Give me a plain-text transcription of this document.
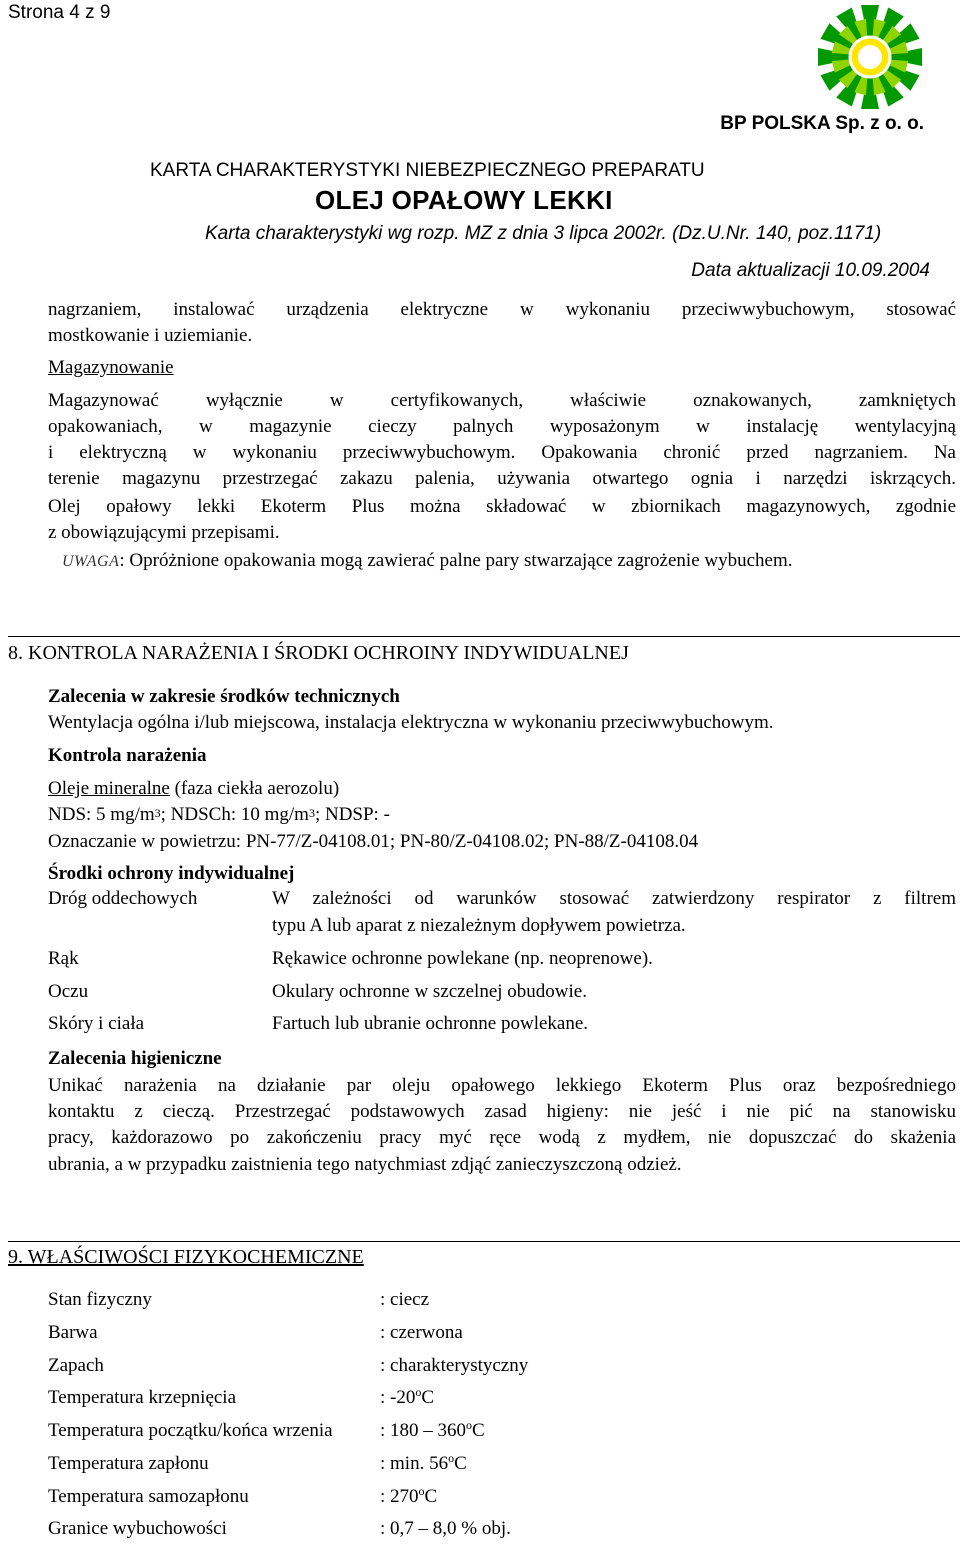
Strona 4 z 9
BP POLSKA Sp. z o. o.
KARTA CHARAKTERYSTYKI NIEBEZPIECZNEGO PREPARATU
OLEJ OPAŁOWY LEKKI
Karta charakterystyki wg rozp. MZ z dnia 3 lipca 2002r. (Dz.U.Nr. 140, poz.1171)
Data aktualizacji 10.09.2004
nagrzaniem, instalować urządzenia elektryczne w wykonaniu przeciwwybuchowym, stosować
mostkowanie i uziemianie.
Magazynowanie
Magazynować wyłącznie w certyfikowanych, właściwie oznakowanych, zamkniętych
opakowaniach, w magazynie cieczy palnych wyposażonym w instalację wentylacyjną
i elektryczną w wykonaniu przeciwwybuchowym. Opakowania chronić przed nagrzaniem. Na
terenie magazynu przestrzegać zakazu palenia, używania otwartego ognia i narzędzi iskrzących.
Olej opałowy lekki Ekoterm Plus można składować w zbiornikach magazynowych, zgodnie
z obowiązującymi przepisami.
UWAGA: Opróżnione opakowania mogą zawierać palne pary stwarzające zagrożenie wybuchem.
8. KONTROLA NARAŻENIA I ŚRODKI OCHROINY INDYWIDUALNEJ
Zalecenia w zakresie środków technicznych
Wentylacja ogólna i/lub miejscowa, instalacja elektryczna w wykonaniu przeciwwybuchowym.
Kontrola narażenia
Oleje mineralne (faza ciekła aerozolu)
NDS: 5 $mg/m^3$; NDSCh: 10 $mg/m^3$; NDSP: -
Oznaczanie w powietrzu: PN-77/Z-04108.01; PN-80/Z-04108.02; PN-88/Z-04108.04
Środki ochrony indywidualnej
Dróg oddechowych	W zależności od warunków stosować zatwierdzony respirator z filtrem
typu A lub aparat z niezależnym dopływem powietrza.
Rąk	Rękawice ochronne powlekane (np. neoprenowe).
Oczu	Okulary ochronne w szczelnej obudowie.
Skóry i ciała	Fartuch lub ubranie ochronne powlekane.
Zalecenia higieniczne
Unikać narażenia na działanie par oleju opałowego lekkiego Ekoterm Plus oraz bezpośredniego
kontaktu z cieczą. Przestrzegać podstawowych zasad higieny: nie jeść i nie pić na stanowisku
pracy, każdorazowo po zakończeniu pracy myć ręce wodą z mydłem, nie dopuszczać do skażenia
ubrania, a w przypadku zaistnienia tego natychmiast zdjąć zanieczyszczoną odzież.
9. WŁAŚCIWOŚCI FIZYKOCHEMICZNE
Stan fizyczny	: ciecz
Barwa	: czerwona
Zapach	: charakterystyczny
Temperatura krzepnięcia	: -20$^o$C
Temperatura początku/końca wrzenia : 180 – 360$^o$C
Temperatura zapłonu	: min. 56$^o$C
Temperatura samozapłonu	: 270$^o$C
Granice wybuchowości	: 0,7 – 8,0 % obj.
